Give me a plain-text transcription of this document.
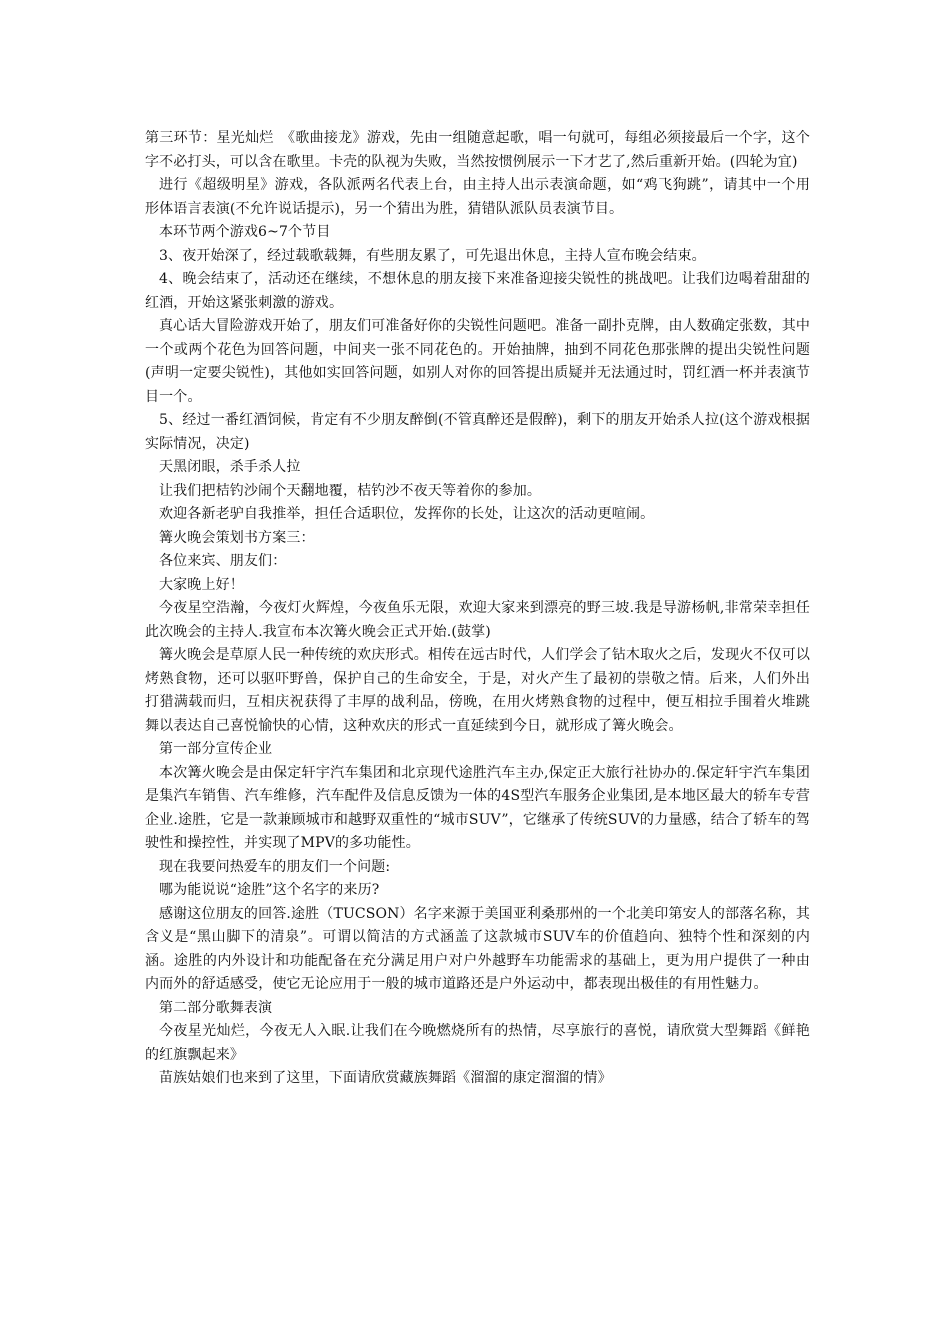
第三环节：星光灿烂　《歌曲接龙》游戏，先由一组随意起歌，唱一句就可，每组必须接最后一个字，这个字不必打头，可以含在歌里。卡壳的队视为失败，当然按惯例展示一下才艺了,然后重新开始。(四轮为宜)

进行《超级明星》游戏，各队派两名代表上台，由主持人出示表演命题，如“鸡飞狗跳”，请其中一个用形体语言表演(不允许说话提示)，另一个猜出为胜，猜错队派队员表演节目。

本环节两个游戏6~7个节目

3、夜开始深了，经过载歌载舞，有些朋友累了，可先退出休息，主持人宣布晚会结束。

4、晚会结束了，活动还在继续，不想休息的朋友接下来准备迎接尖锐性的挑战吧。让我们边喝着甜甜的红酒，开始这紧张刺激的游戏。

真心话大冒险游戏开始了，朋友们可准备好你的尖锐性问题吧。准备一副扑克牌，由人数确定张数，其中一个或两个花色为回答问题，中间夹一张不同花色的。开始抽牌，抽到不同花色那张牌的提出尖锐性问题(声明一定要尖锐性)，其他如实回答问题，如别人对你的回答提出质疑并无法通过时，罚红酒一杯并表演节目一个。

5、经过一番红酒饲候，肯定有不少朋友醉倒(不管真醉还是假醉)，剩下的朋友开始杀人拉(这个游戏根据实际情况，决定)

天黑闭眼，杀手杀人拉

让我们把桔钓沙闹个天翻地覆，桔钓沙不夜天等着你的参加。

欢迎各新老驴自我推举，担任合适职位，发挥你的长处，让这次的活动更喧闹。

篝火晚会策划书方案三：

各位来宾、朋友们：

大家晚上好！

今夜星空浩瀚，今夜灯火辉煌，今夜鱼乐无限，欢迎大家来到漂亮的野三坡.我是导游杨帆,非常荣幸担任此次晚会的主持人.我宣布本次篝火晚会正式开始.(鼓掌)

篝火晚会是草原人民一种传统的欢庆形式。相传在远古时代，人们学会了钻木取火之后，发现火不仅可以烤熟食物，还可以驱吓野兽，保护自己的生命安全，于是，对火产生了最初的崇敬之情。后来，人们外出打猎满载而归，互相庆祝获得了丰厚的战利品，傍晚，在用火烤熟食物的过程中，便互相拉手围着火堆跳舞以表达自己喜悦愉快的心情，这种欢庆的形式一直延续到今日，就形成了篝火晚会。

第一部分宣传企业

本次篝火晚会是由保定轩宇汽车集团和北京现代途胜汽车主办,保定正大旅行社协办的.保定轩宇汽车集团是集汽车销售、汽车维修，汽车配件及信息反馈为一体的4S型汽车服务企业集团,是本地区最大的轿车专营企业.途胜，它是一款兼顾城市和越野双重性的“城市SUV”，它继承了传统SUV的力量感，结合了轿车的驾驶性和操控性，并实现了MPV的多功能性。

现在我要问热爱车的朋友们一个问题:

哪为能说说“途胜”这个名字的来历?

感谢这位朋友的回答.途胜（TUCSON）名字来源于美国亚利桑那州的一个北美印第安人的部落名称，其含义是“黑山脚下的清泉”。可谓以简洁的方式涵盖了这款城市SUV车的价值趋向、独特个性和深刻的内涵。途胜的内外设计和功能配备在充分满足用户对户外越野车功能需求的基础上，更为用户提供了一种由内而外的舒适感受，使它无论应用于一般的城市道路还是户外运动中，都表现出极佳的有用性魅力。

第二部分歌舞表演

今夜星光灿烂，今夜无人入眠.让我们在今晚燃烧所有的热情，尽享旅行的喜悦，请欣赏大型舞蹈《鲜艳的红旗飘起来》

苗族姑娘们也来到了这里，下面请欣赏藏族舞蹈《溜溜的康定溜溜的情》
